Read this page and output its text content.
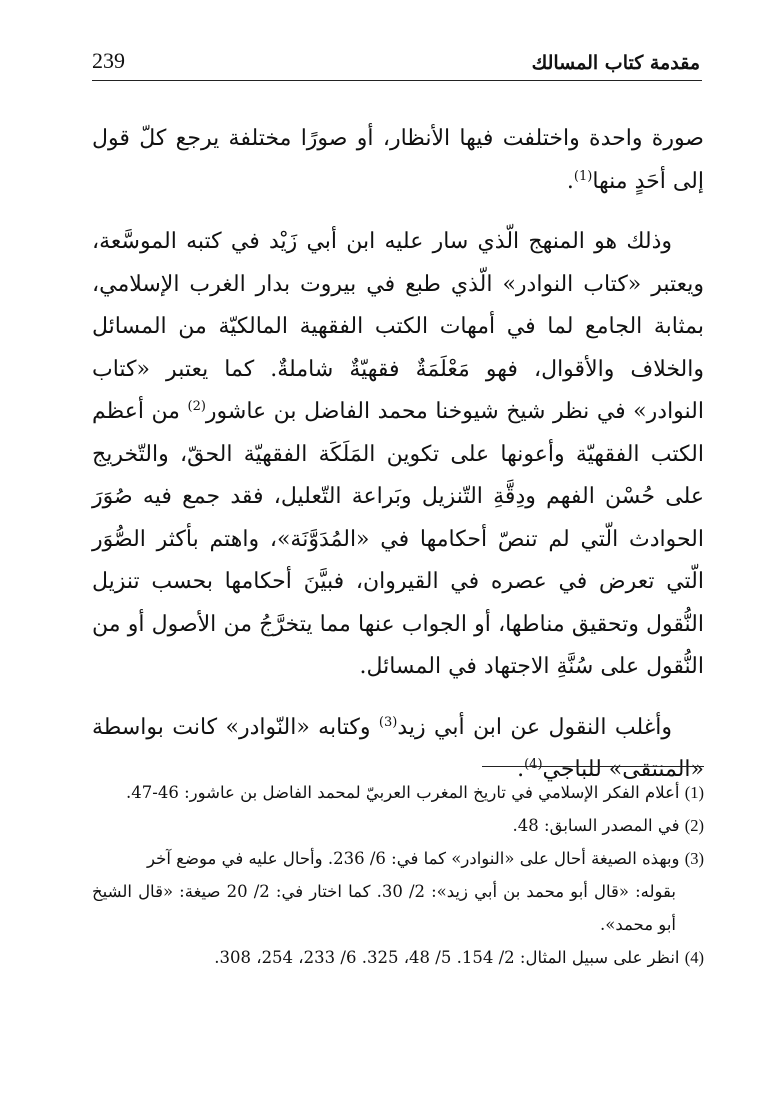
239	مقدمة كتاب المسالك

صورة واحدة واختلفت فيها الأنظار، أو صورًا مختلفة يرجع كلّ قول إلى أحَدٍ منها$^{(1)}$.

وذلك هو المنهج الّذي سار عليه ابن أبي زَيْد في كتبه الموسَّعة، ويعتبر «كتاب النوادر» الّذي طبع في بيروت بدار الغرب الإسلامي، بمثابة الجامع لما في أمهات الكتب الفقهية المالكيّة من المسائل والخلاف والأقوال، فهو مَعْلَمَةٌ فقهيّةٌ شاملةٌ. كما يعتبر «كتاب النوادر» في نظر شيخ شيوخنا محمد الفاضل بن عاشور$^{(2)}$ من أعظم الكتب الفقهيّة وأعونها على تكوين المَلَكَة الفقهيّة الحقّ، والتّخريج على حُسْن الفهم ودِقَّةِ التّنزيل وبَراعة التّعليل، فقد جمع فيه صُوَرَ الحوادث الّتي لم تنصّ أحكامها في «المُدَوَّنَة»، واهتم بأكثر الصُّوَر الّتي تعرض في عصره في القيروان، فبيَّنَ أحكامها بحسب تنزيل النُّقول وتحقيق مناطها، أو الجواب عنها مما يتخرَّجُ من الأصول أو من النُّقول على سُنَّةِ الاجتهاد في المسائل.

وأغلب النقول عن ابن أبي زيد$^{(3)}$ وكتابه «النّوادر» كانت بواسطة «المنتقى» للباجي$^{(4)}$.

(1) أعلام الفكر الإسلامي في تاريخ المغرب العربيّ لمحمد الفاضل بن عاشور: 46-47.

(2) في المصدر السابق: 48.

(3) وبهذه الصيغة أحال على «النوادر» كما في: 6/ 236. وأحال عليه في موضع آخر
بقوله: «قال أبو محمد بن أبي زيد»: 2/ 30. كما اختار في: 2/ 20 صيغة: «قال الشيخ أبو محمد».

(4) انظر على سبيل المثال: 2/ 154. 5/ 48، 325. 6/ 233، 254، 308.
